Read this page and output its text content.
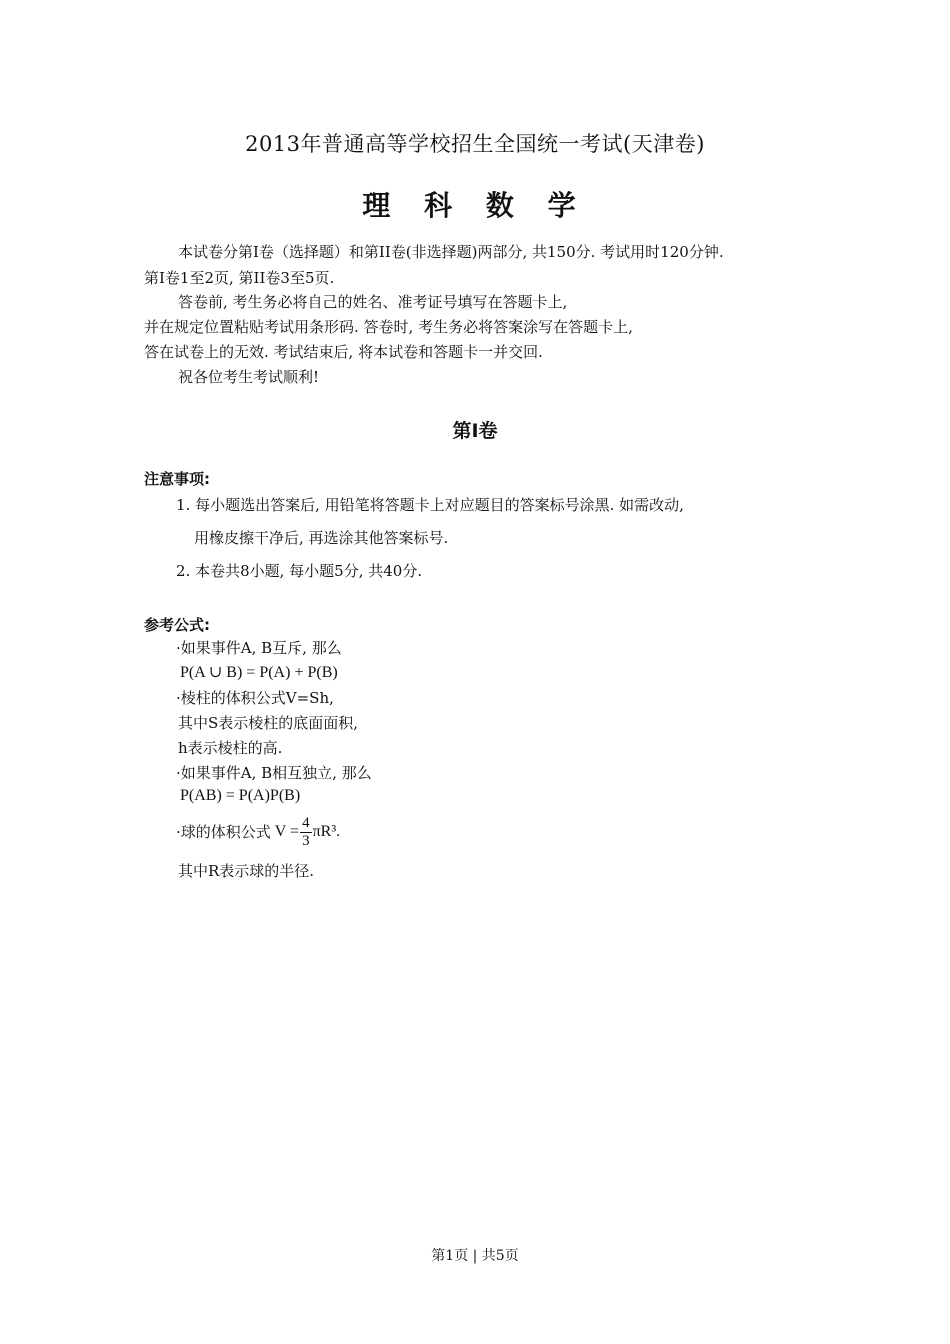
2013年普通高等学校招生全国统一考试(天津卷)
理 科 数 学
本试卷分第I卷（选择题）和第II卷(非选择题)两部分, 共150分. 考试用时120分钟.
第I卷1至2页, 第II卷3至5页.
答卷前, 考生务必将自己的姓名、准考证号填写在答题卡上,
并在规定位置粘贴考试用条形码. 答卷时, 考生务必将答案涂写在答题卡上,
答在试卷上的无效. 考试结束后, 将本试卷和答题卡一并交回.
祝各位考生考试顺利!
第I卷
注意事项:
1. 每小题选出答案后, 用铅笔将答题卡上对应题目的答案标号涂黑. 如需改动,
用橡皮擦干净后, 再选涂其他答案标号.
2. 本卷共8小题, 每小题5分, 共40分.
参考公式:
·如果事件A, B互斥, 那么
P(A ∪ B) = P(A) + P(B)
·棱柱的体积公式V=Sh,
其中S表示棱柱的底面面积,
h表示棱柱的高.
·如果事件A, B相互独立, 那么
P(AB) = P(A)P(B)
·球的体积公式 $V = \frac{4}{3} \pi R^3$.
其中R表示球的半径.
第1页 | 共5页
